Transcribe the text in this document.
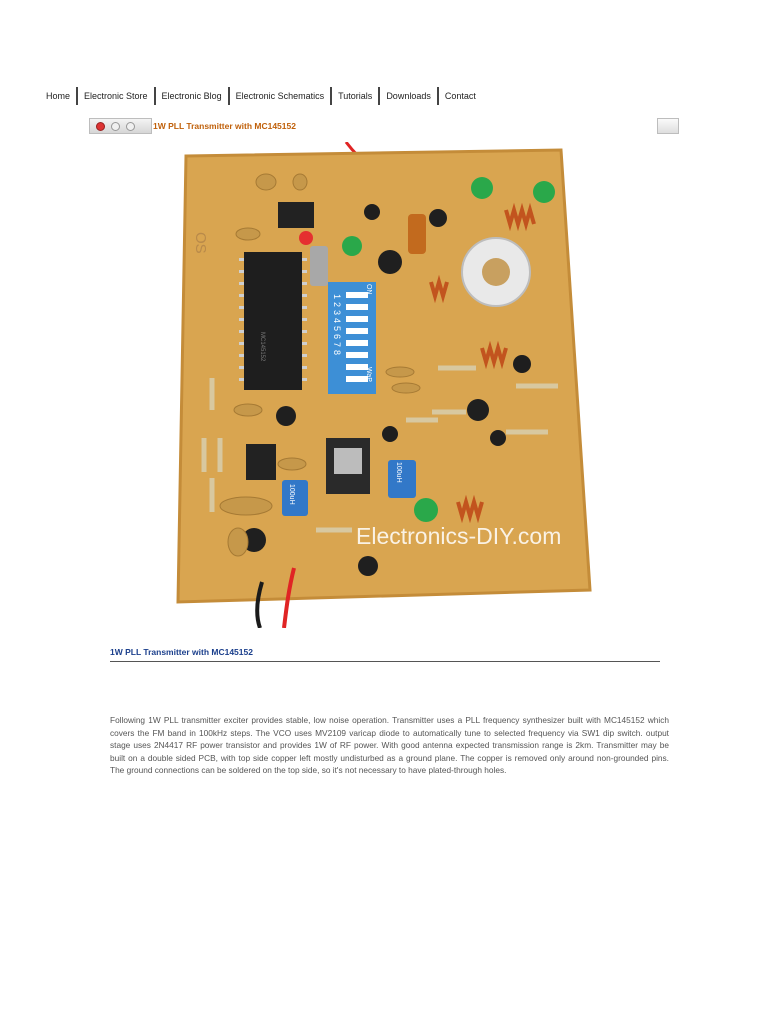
Home	Electronic Store	Electronic Blog	Electronic Schematics	Tutorials	Downloads	Contact
1W PLL Transmitter with MC145152
OS
MC145152	12345678
ON
WaP
100uH
100uH
Electronics-DIY.com
1W PLL Transmitter with MC145152
Following 1W PLL transmitter exciter provides stable, low noise operation. Transmitter uses a PLL frequency synthesizer built with MC145152 which covers the FM band in 100kHz steps. The VCO uses MV2109 varicap diode to automatically tune to selected frequency via SW1 dip switch. output stage uses 2N4417 RF power transistor and provides 1W of RF power. With good antenna expected transmission range is 2km. Transmitter may be built on a double sided PCB, with top side copper left mostly undisturbed as a ground plane. The copper is removed only around non-grounded pins. The ground connections can be soldered on the top side, so it's not necessary to have plated-through holes.
